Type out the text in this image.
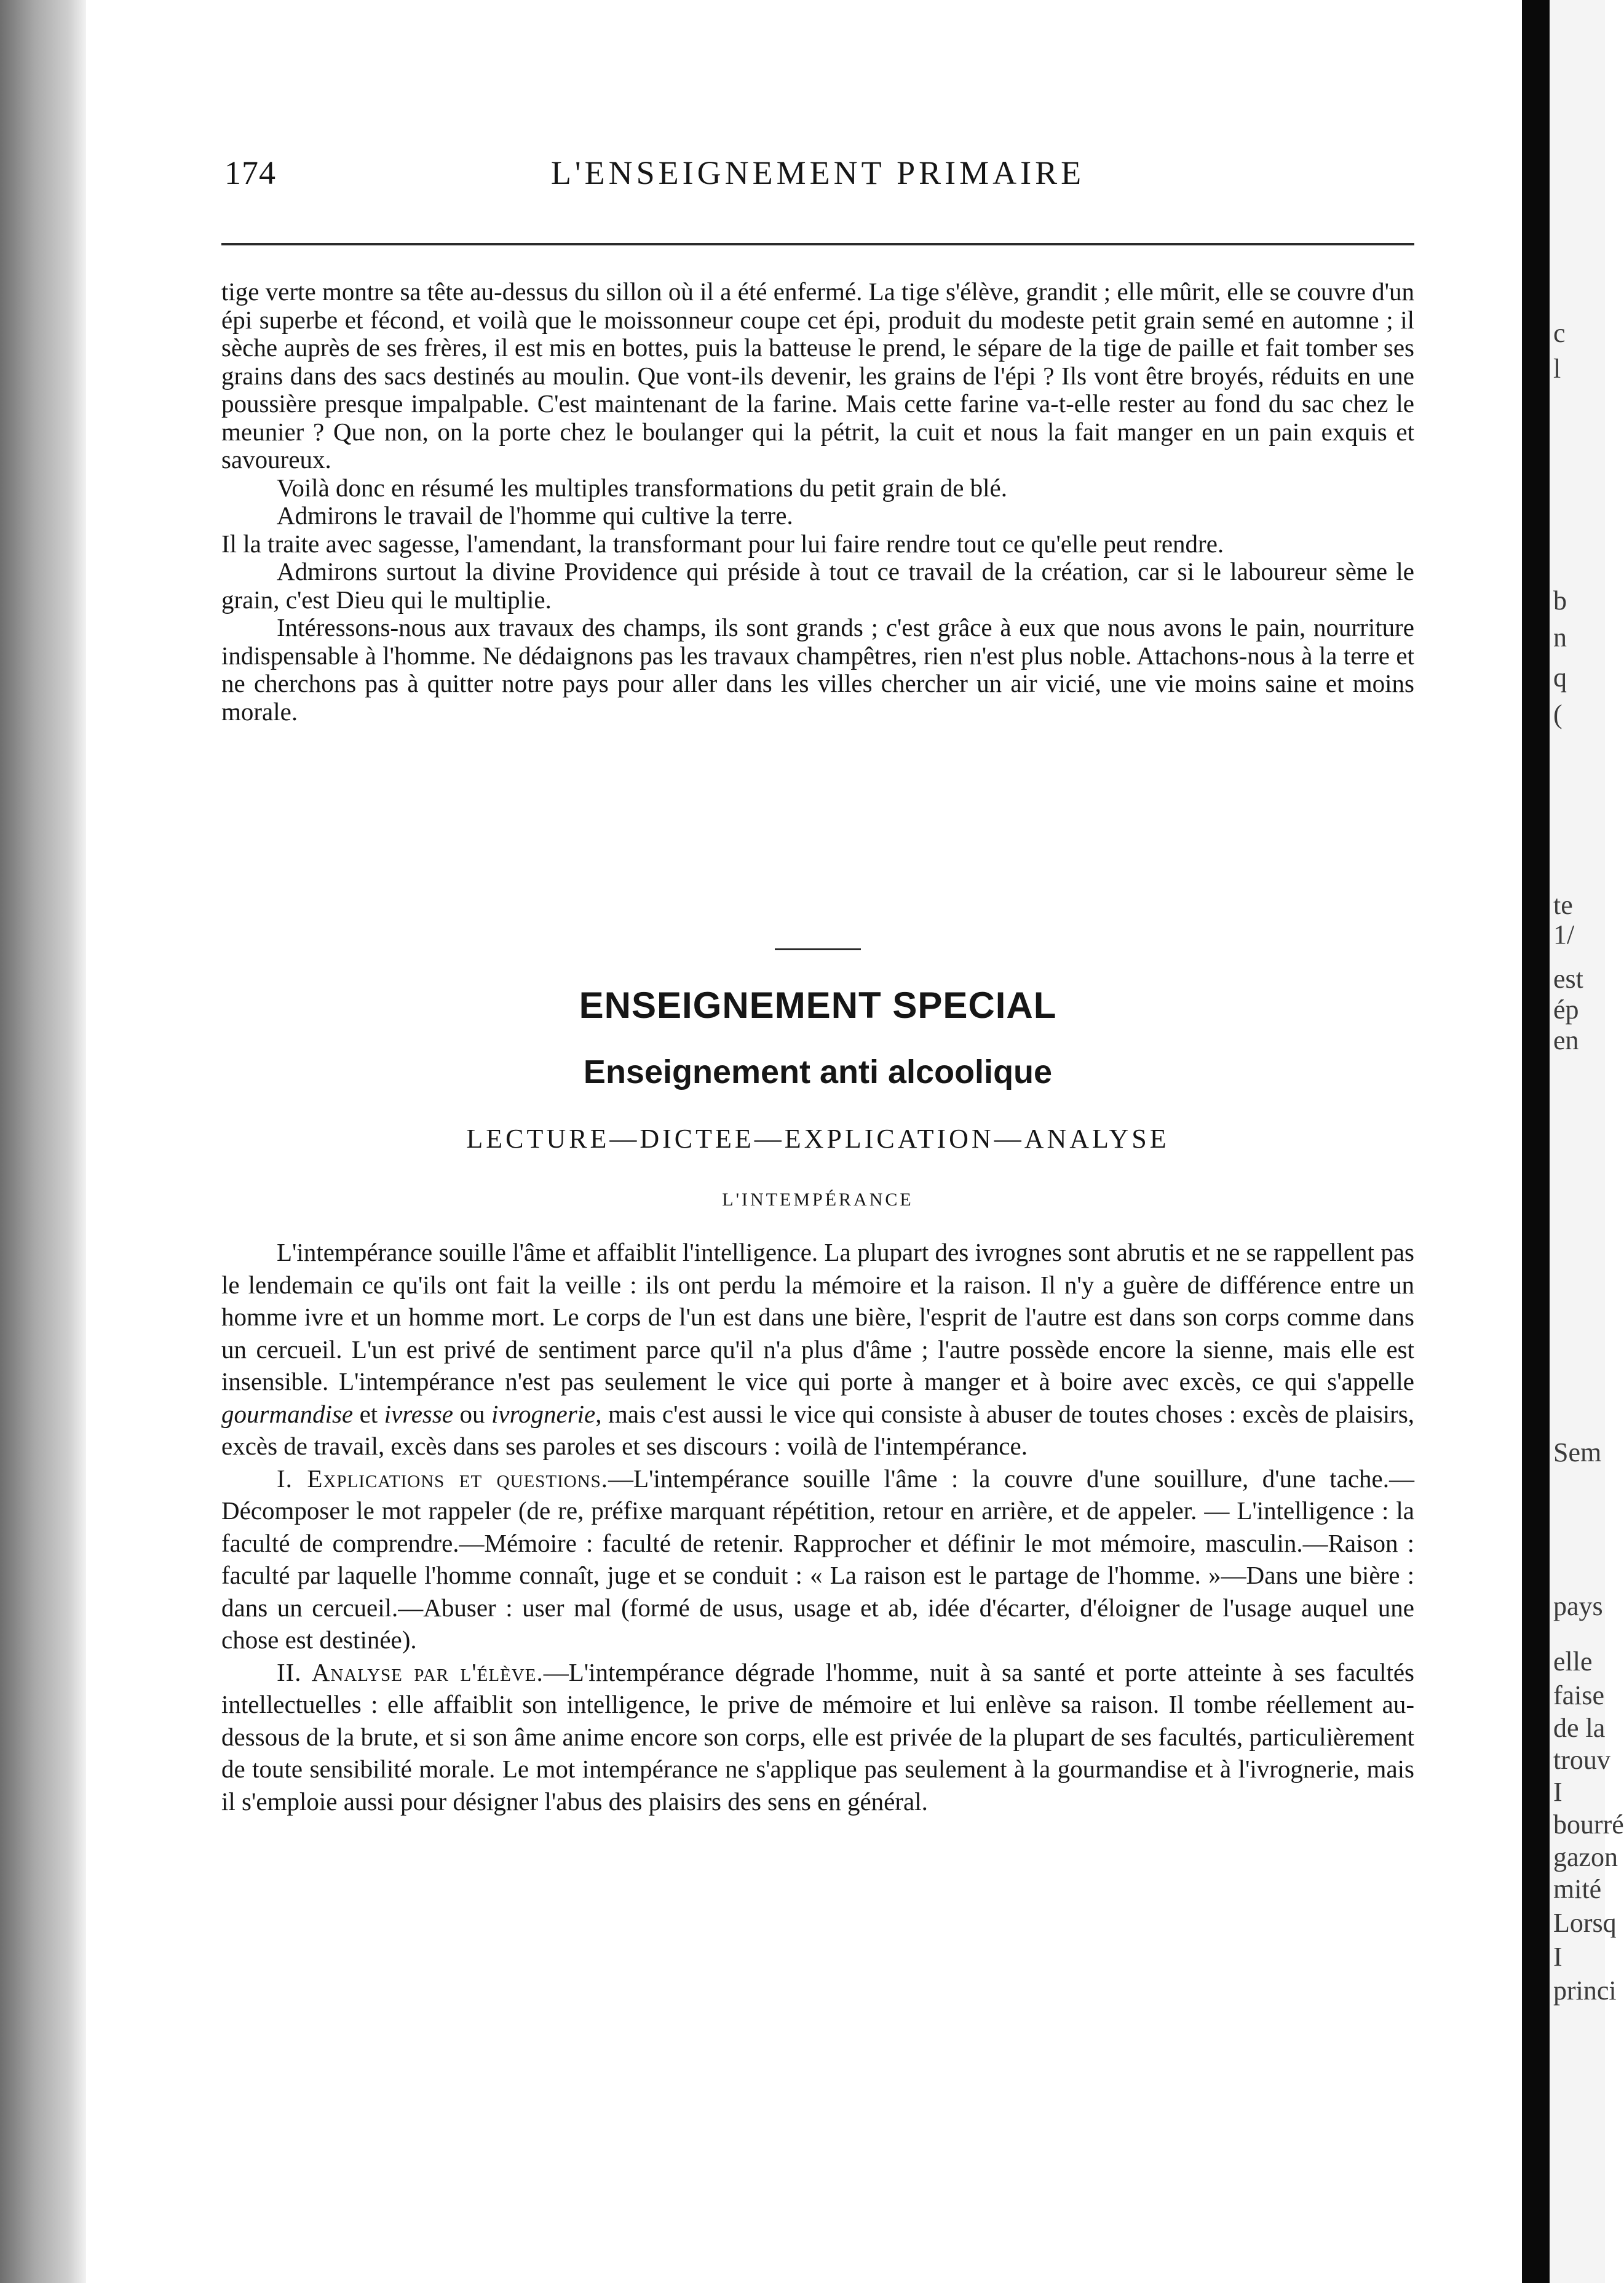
174	L'ENSEIGNEMENT PRIMAIRE

tige verte montre sa tête au-dessus du sillon où il a été enfermé. La tige s'élève, grandit ; elle mûrit, elle se couvre d'un épi superbe et fécond, et voilà que le moissonneur coupe cet épi, produit du modeste petit grain semé en automne ; il sèche auprès de ses frères, il est mis en bottes, puis la batteuse le prend, le sépare de la tige de paille et fait tomber ses grains dans des sacs destinés au moulin. Que vont-ils devenir, les grains de l'épi ? Ils vont être broyés, réduits en une poussière presque impalpable. C'est maintenant de la farine. Mais cette farine va-t-elle rester au fond du sac chez le meunier ? Que non, on la porte chez le boulanger qui la pétrit, la cuit et nous la fait manger en un pain exquis et savoureux.

Voilà donc en résumé les multiples transformations du petit grain de blé.

Admirons le travail de l'homme qui cultive la terre.

Il la traite avec sagesse, l'amendant, la transformant pour lui faire rendre tout ce qu'elle peut rendre.

Admirons surtout la divine Providence qui préside à tout ce travail de la création, car si le laboureur sème le grain, c'est Dieu qui le multiplie.

Intéressons-nous aux travaux des champs, ils sont grands ; c'est grâce à eux que nous avons le pain, nourriture indispensable à l'homme. Ne dédaignons pas les travaux champêtres, rien n'est plus noble. Attachons-nous à la terre et ne cherchons pas à quitter notre pays pour aller dans les villes chercher un air vicié, une vie moins saine et moins morale.

ENSEIGNEMENT SPECIAL
Enseignement anti alcoolique
LECTURE—DICTEE—EXPLICATION—ANALYSE
L'INTEMPÉRANCE

L'intempérance souille l'âme et affaiblit l'intelligence. La plupart des ivrognes sont abrutis et ne se rappellent pas le lendemain ce qu'ils ont fait la veille : ils ont perdu la mémoire et la raison. Il n'y a guère de différence entre un homme ivre et un homme mort. Le corps de l'un est dans une bière, l'esprit de l'autre est dans son corps comme dans un cercueil. L'un est privé de sentiment parce qu'il n'a plus d'âme ; l'autre possède encore la sienne, mais elle est insensible. L'intempérance n'est pas seulement le vice qui porte à manger et à boire avec excès, ce qui s'appelle gourmandise et ivresse ou ivrognerie, mais c'est aussi le vice qui consiste à abuser de toutes choses : excès de plaisirs, excès de travail, excès dans ses paroles et ses discours : voilà de l'intempérance.

I. Explications et questions.—L'intempérance souille l'âme : la couvre d'une souillure, d'une tache.—Décomposer le mot rappeler (de re, préfixe marquant répétition, retour en arrière, et de appeler. — L'intelligence : la faculté de comprendre.—Mémoire : faculté de retenir. Rapprocher et définir le mot mémoire, masculin.—Raison : faculté par laquelle l'homme connaît, juge et se conduit : « La raison est le partage de l'homme. »—Dans une bière : dans un cercueil.—Abuser : user mal (formé de usus, usage et ab, idée d'écarter, d'éloigner de l'usage auquel une chose est destinée).

II. Analyse par l'élève.—L'intempérance dégrade l'homme, nuit à sa santé et porte atteinte à ses facultés intellectuelles : elle affaiblit son intelligence, le prive de mémoire et lui enlève sa raison. Il tombe réellement au-dessous de la brute, et si son âme anime encore son corps, elle est privée de la plupart de ses facultés, particulièrement de toute sensibilité morale. Le mot intempérance ne s'applique pas seulement à la gourmandise et à l'ivrognerie, mais il s'emploie aussi pour désigner l'abus des plaisirs des sens en général.

c
l
b
n
q
(
te
1/
est
ép
en
Sem
pays
elle
faise
de la
trouv
I
bourré
gazon
mité
Lorsq
I
princi
